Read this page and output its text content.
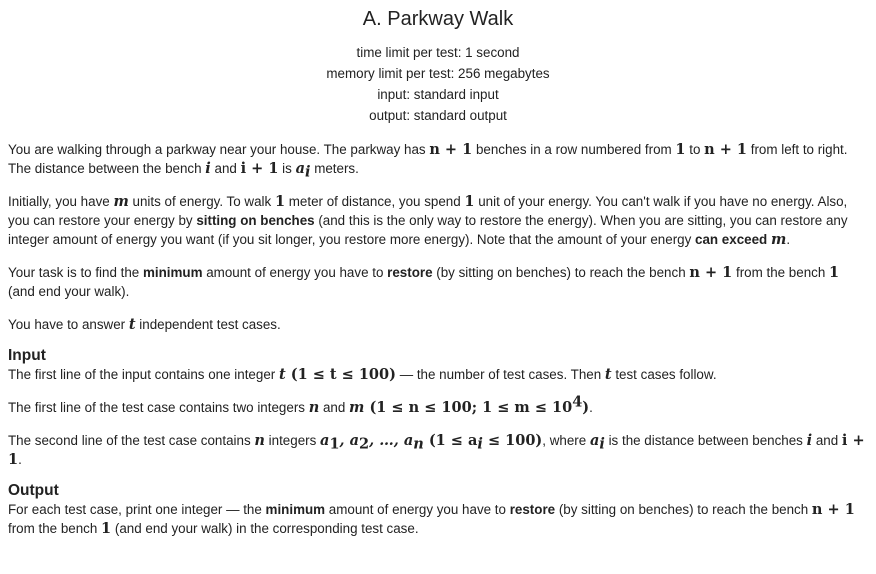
A. Parkway Walk
time limit per test: 1 second
memory limit per test: 256 megabytes
input: standard input
output: standard output

You are walking through a parkway near your house. The parkway has n + 1 benches in a row numbered from 1 to n + 1 from left to right. The distance between the bench i and i + 1 is $a_i$ meters.

Initially, you have m units of energy. To walk 1 meter of distance, you spend 1 unit of your energy. You can't walk if you have no energy. Also, you can restore your energy by sitting on benches (and this is the only way to restore the energy). When you are sitting, you can restore any integer amount of energy you want (if you sit longer, you restore more energy). Note that the amount of your energy can exceed m.

Your task is to find the minimum amount of energy you have to restore (by sitting on benches) to reach the bench n + 1 from the bench 1 (and end your walk).

You have to answer t independent test cases.

Input

The first line of the input contains one integer t (1 ≤ t ≤ 100) — the number of test cases. Then t test cases follow.

The first line of the test case contains two integers n and m (1 ≤ n ≤ 100; $1 \le m \le 10^4$).

The second line of the test case contains n integers $a_1$, $a_2$, …, $a_n$ $(1 \le a_i \le 100)$, where $a_i$ is the distance between benches i and i + 1.

Output

For each test case, print one integer — the minimum amount of energy you have to restore (by sitting on benches) to reach the bench n + 1 from the bench 1 (and end your walk) in the corresponding test case.
